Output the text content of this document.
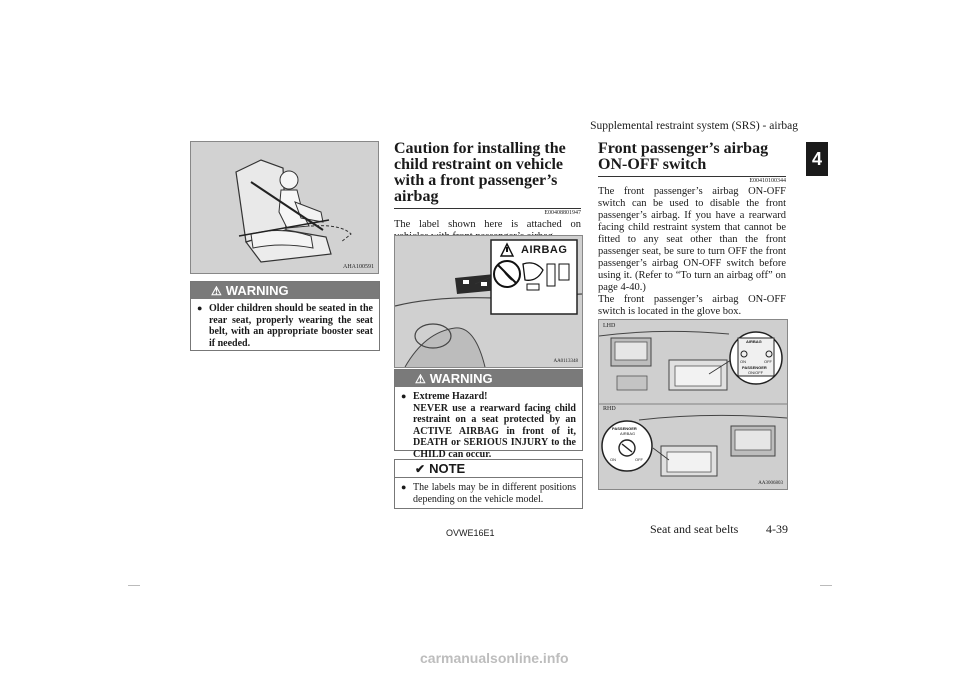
Supplemental restraint system (SRS) - airbag
4
AHA100591
⚠ WARNING
● Older children should be seated in the rear seat, properly wearing the seat belt, with an appropriate booster seat if needed.
Caution for installing the child restraint on vehicle with a front passenger’s airbag
E00408801947

The label shown here is attached on

AIRBAG
AA0113348
⚠ WARNING
● Extreme Hazard!
NEVER use a rearward facing child restraint on a seat protected by an ACTIVE AIRBAG in front of it, DEATH or SERIOUS INJURY to the CHILD can occur.
✔ NOTE
● The labels may be in different positions depending on the vehicle model.
Front passenger’s airbag ON-OFF switch
E00410100344

The front passenger’s airbag ON-OFF switch can be used to disable the front passenger’s airbag. If you have a rearward facing child restraint system that cannot be fitted to any seat other than the front passenger seat, be sure to turn OFF the front passenger’s airbag ON-OFF switch before using it. (Refer to “To turn an airbag off” on page 4-40.)

The front passenger’s airbag ON-OFF switch is located in the glove box.

LHD
RHD
AIRBAG
ON	OFF
PASSENGER
ON/OFF
PASSENGER
AIRBAG
ON	OFF
AA3006803
OVWE16E1	Seat and seat belts 4-39
carmanualsonline.info
